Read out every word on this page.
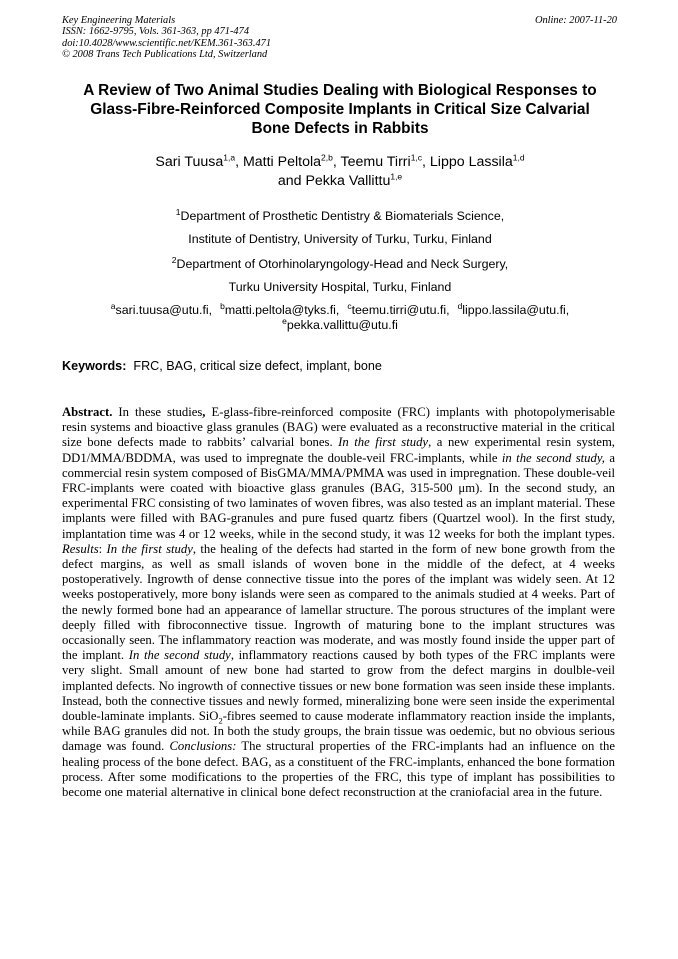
Key Engineering Materials
ISSN: 1662-9795, Vols. 361-363, pp 471-474
doi:10.4028/www.scientific.net/KEM.361-363.471
© 2008 Trans Tech Publications Ltd, Switzerland
Online: 2007-11-20
A Review of Two Animal Studies Dealing with Biological Responses to
Glass-Fibre-Reinforced Composite Implants in Critical Size Calvarial
Bone Defects in Rabbits
Sari Tuusa$^{1,a}$, Matti Peltola$^{2,b}$, Teemu Tirri$^{1,c}$, Lippo Lassila$^{1,d}$
and Pekka Vallittu$^{1,e}$
$^1$Department of Prosthetic Dentistry & Biomaterials Science,
Institute of Dentistry, University of Turku, Turku, Finland
$^2$Department of Otorhinolaryngology-Head and Neck Surgery,
Turku University Hospital, Turku, Finland
$^a$sari.tuusa@utu.fi, $^b$matti.peltola@tyks.fi, $^c$teemu.tirri@utu.fi, $^d$lippo.lassila@utu.fi,
$^e$pekka.vallittu@utu.fi
Keywords: FRC, BAG, critical size defect, implant, bone

Abstract. In these studies, E-glass-fibre-reinforced composite (FRC) implants with photopolymerisable resin systems and bioactive glass granules (BAG) were evaluated as a reconstructive material in the critical size bone defects made to rabbits’ calvarial bones. In the first study, a new experimental resin system, DD1/MMA/BDDMA, was used to impregnate the double-veil FRC-implants, while in the second study, a commercial resin system composed of BisGMA/MMA/PMMA was used in impregnation. These double-veil FRC-implants were coated with bioactive glass granules (BAG, 315-500 μm). In the second study, an experimental FRC consisting of two laminates of woven fibres, was also tested as an implant material. These implants were filled with BAG-granules and pure fused quartz fibers (Quartzel wool). In the first study, implantation time was 4 or 12 weeks, while in the second study, it was 12 weeks for both the implant types. Results: In the first study, the healing of the defects had started in the form of new bone growth from the defect margins, as well as small islands of woven bone in the middle of the defect, at 4 weeks postoperatively. Ingrowth of dense connective tissue into the pores of the implant was widely seen. At 12 weeks postoperatively, more bony islands were seen as compared to the animals studied at 4 weeks. Part of the newly formed bone had an appearance of lamellar structure. The porous structures of the implant were deeply filled with fibroconnective tissue. Ingrowth of maturing bone to the implant structures was occasionally seen. The inflammatory reaction was moderate, and was mostly found inside the upper part of the implant. In the second study, inflammatory reactions caused by both types of the FRC implants were very slight. Small amount of new bone had started to grow from the defect margins in doulble-veil implanted defects. No ingrowth of connective tissues or new bone formation was seen inside these implants. Instead, both the connective tissues and newly formed, mineralizing bone were seen inside the experimental double-laminate implants. SiO$_2$-fibres seemed to cause moderate inflammatory reaction inside the implants, while BAG granules did not. In both the study groups, the brain tissue was oedemic, but no obvious serious damage was found. Conclusions: The structural properties of the FRC-implants had an influence on the healing process of the bone defect. BAG, as a constituent of the FRC-implants, enhanced the bone formation process. After some modifications to the properties of the FRC, this type of implant has possibilities to become one material alternative in clinical bone defect reconstruction at the craniofacial area in the future.
